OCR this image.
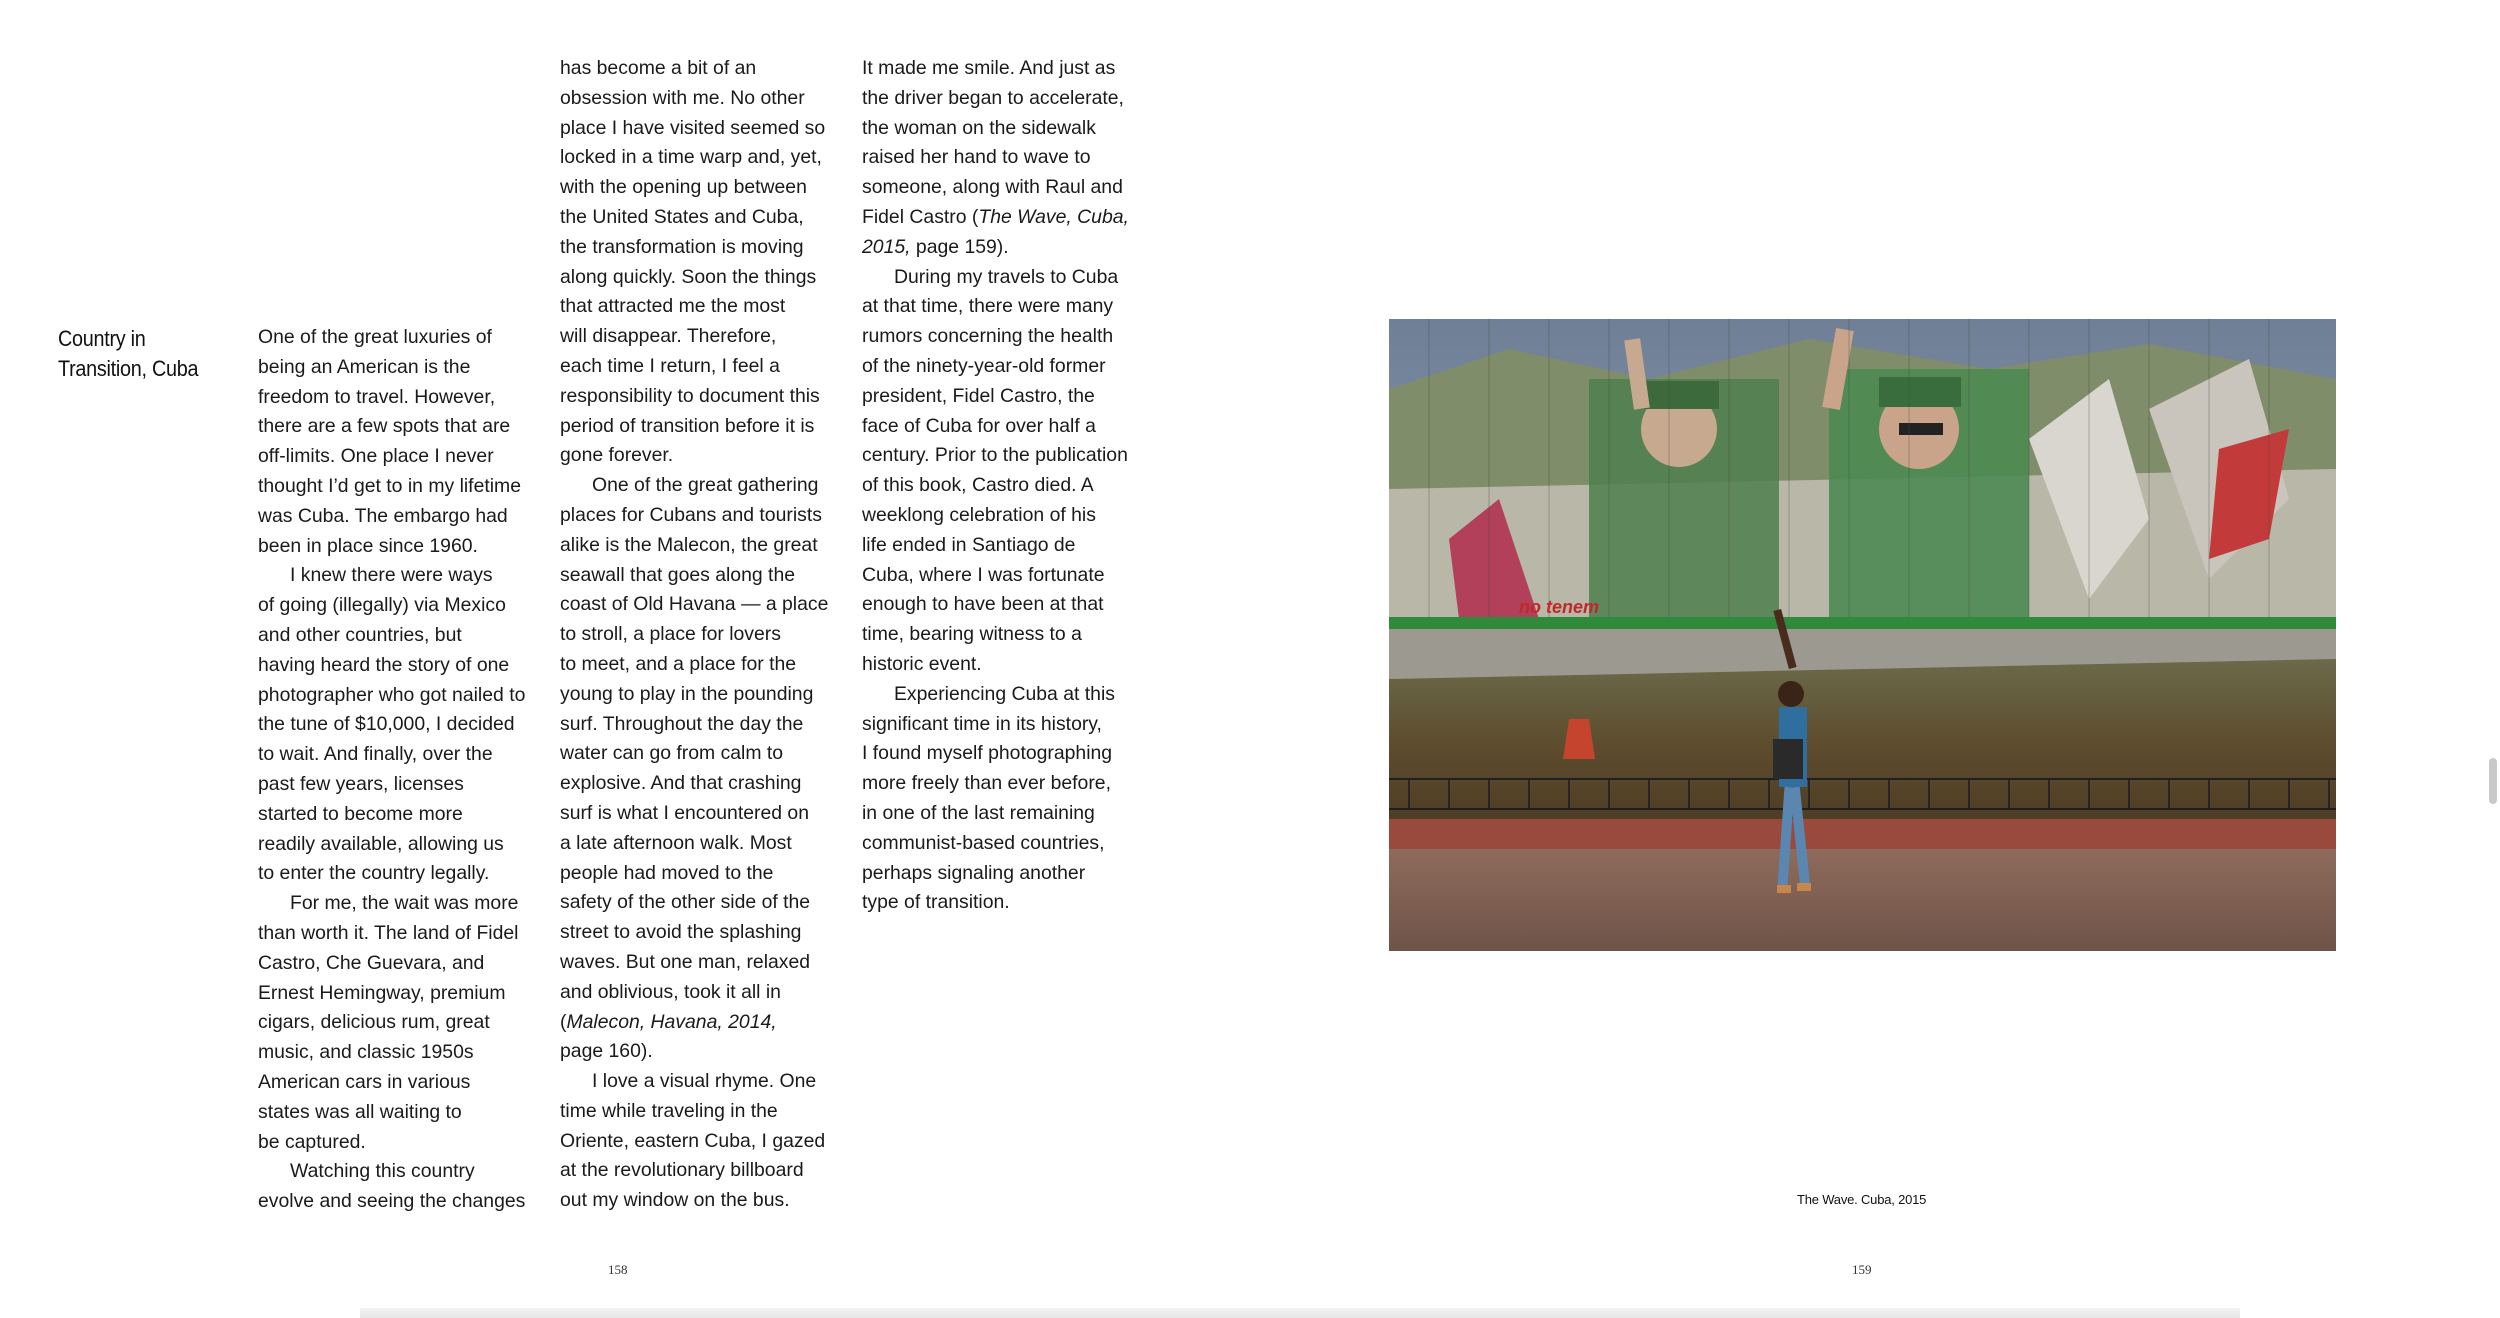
Country in
Transition, Cuba
One of the great luxuries of
being an American is the
freedom to travel. However,
there are a few spots that are
off-limits. One place I never
thought I’d get to in my lifetime
was Cuba. The embargo had
been in place since 1960.
I knew there were ways
of going (illegally) via Mexico
and other countries, but
having heard the story of one
photographer who got nailed to
the tune of $10,000, I decided
to wait. And finally, over the
past few years, licenses
started to become more
readily available, allowing us
to enter the country legally.
For me, the wait was more
than worth it. The land of Fidel
Castro, Che Guevara, and
Ernest Hemingway, premium
cigars, delicious rum, great
music, and classic 1950s
American cars in various
states was all waiting to
be captured.
Watching this country
evolve and seeing the changes
has become a bit of an
obsession with me. No other
place I have visited seemed so
locked in a time warp and, yet,
with the opening up between
the United States and Cuba,
the transformation is moving
along quickly. Soon the things
that attracted me the most
will disappear. Therefore,
each time I return, I feel a
responsibility to document this
period of transition before it is
gone forever.
One of the great gathering
places for Cubans and tourists
alike is the Malecon, the great
seawall that goes along the
coast of Old Havana — a place
to stroll, a place for lovers
to meet, and a place for the
young to play in the pounding
surf. Throughout the day the
water can go from calm to
explosive. And that crashing
surf is what I encountered on
a late afternoon walk. Most
people had moved to the
safety of the other side of the
street to avoid the splashing
waves. But one man, relaxed
and oblivious, took it all in
(Malecon, Havana, 2014,
page 160).
I love a visual rhyme. One
time while traveling in the
Oriente, eastern Cuba, I gazed
at the revolutionary billboard
out my window on the bus.
It made me smile. And just as
the driver began to accelerate,
the woman on the sidewalk
raised her hand to wave to
someone, along with Raul and
Fidel Castro (The Wave, Cuba,
2015, page 159).
During my travels to Cuba
at that time, there were many
rumors concerning the health
of the ninety-year-old former
president, Fidel Castro, the
face of Cuba for over half a
century. Prior to the publication
of this book, Castro died. A
weeklong celebration of his
life ended in Santiago de
Cuba, where I was fortunate
enough to have been at that
time, bearing witness to a
historic event.
Experiencing Cuba at this
significant time in its history,
I found myself photographing
more freely than ever before,
in one of the last remaining
communist-based countries,
perhaps signaling another
type of transition.
no tenem
The Wave. Cuba, 2015
158	159
